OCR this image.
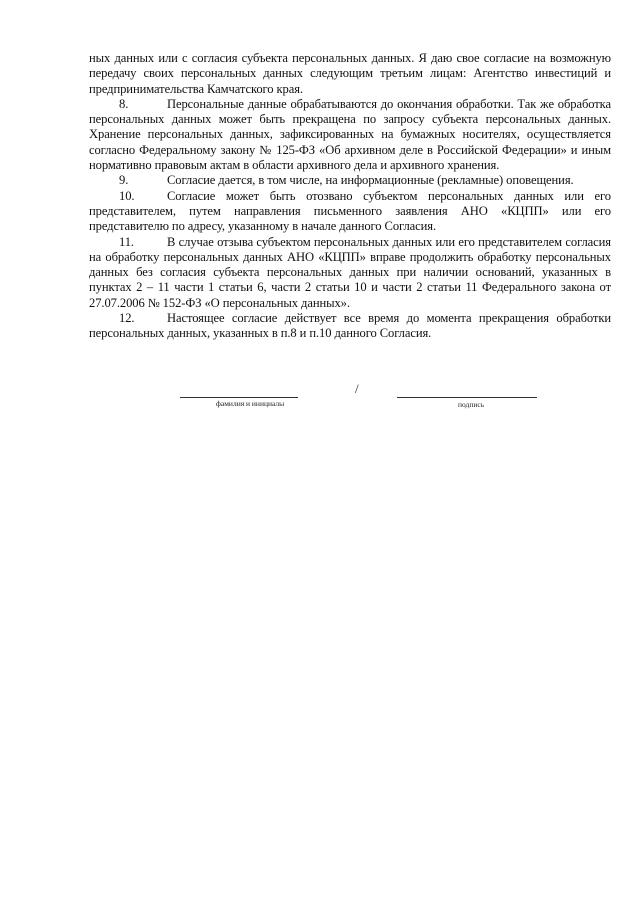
ных данных или с согласия субъекта персональных данных. Я даю свое согласие на возможную передачу своих персональных данных следующим третьим лицам: Агентство инвестиций и предпринимательства Камчатского края.

8.	Персональные данные обрабатываются до окончания обработки. Так же обработка персональных данных может быть прекращена по запросу субъекта персональных данных. Хранение персональных данных, зафиксированных на бумажных носителях, осуществляется согласно Федеральному закону № 125-ФЗ «Об архивном деле в Российской Федерации» и иным нормативно правовым актам в области архивного дела и архивного хранения.

9.	Согласие дается, в том числе, на информационные (рекламные) оповещения.

10.	Согласие может быть отозвано субъектом персональных данных или его представителем, путем направления письменного заявления АНО «КЦПП» или его представителю по адресу, указанному в начале данного Согласия.

11.	В случае отзыва субъектом персональных данных или его представителем согласия на обработку персональных данных АНО «КЦПП» вправе продолжить обработку персональных данных без согласия субъекта персональных данных при наличии оснований, указанных в пунктах 2 – 11 части 1 статьи 6, части 2 статьи 10 и части 2 статьи 11 Федерального закона от 27.07.2006 № 152-ФЗ «О персональных данных».

12.	Настоящее согласие действует все время до момента прекращения обработки персональных данных, указанных в п.8 и п.10 данного Согласия.

фамилия и инициалы
/
подпись
